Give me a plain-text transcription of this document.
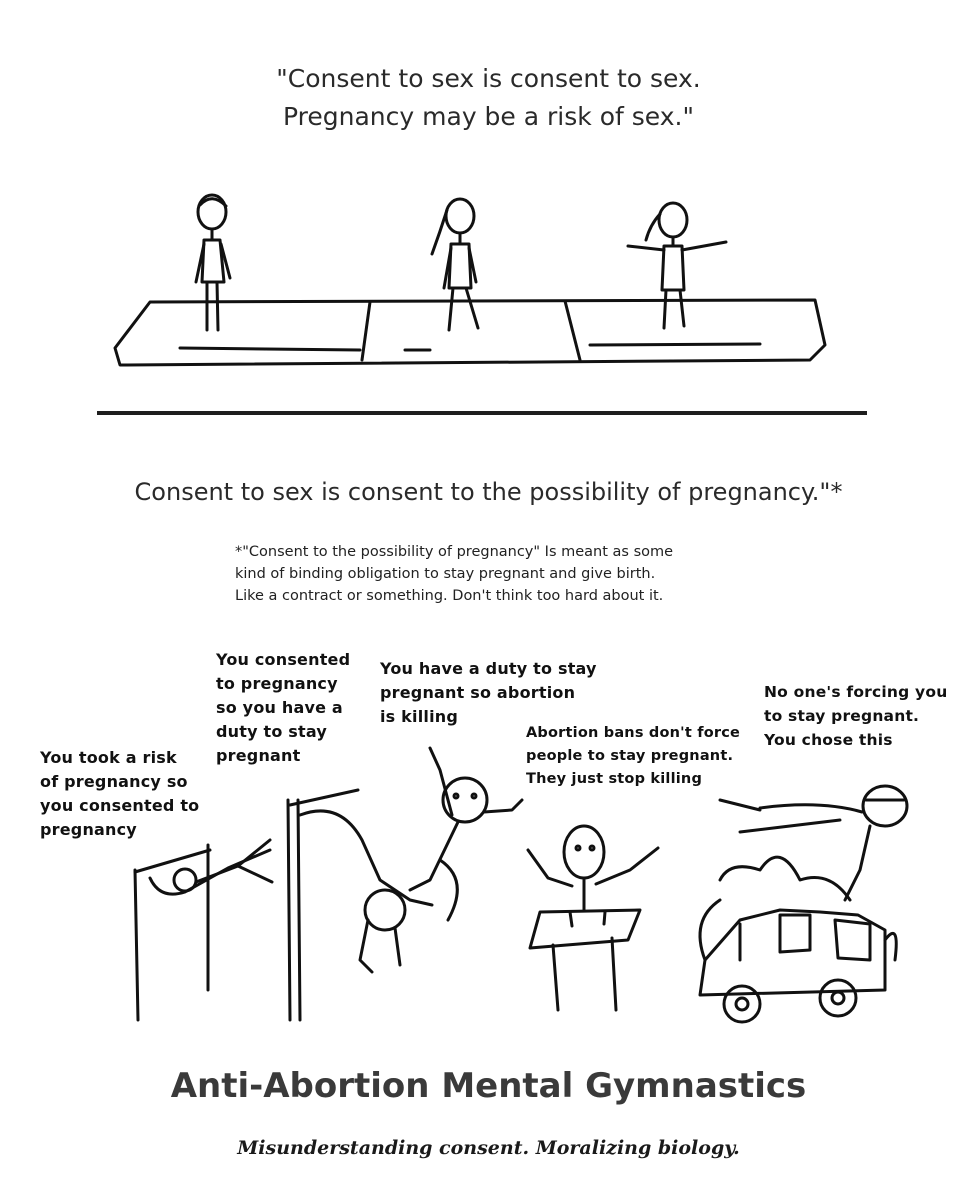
"Consent to sex is consent to sex.
Pregnancy may be a risk of sex."
Consent to sex is consent to the possibility of pregnancy."*
*"Consent to the possibility of pregnancy" Is meant as some
kind of binding obligation to stay pregnant and give birth.
Like a contract or something. Don't think too hard about it.
You took a risk
of pregnancy so
you consented to
pregnancy
You consented
to pregnancy
so you have a
duty to stay
pregnant
You have a duty to stay
pregnant so abortion
is killing
Abortion bans don't force
people to stay pregnant.
They just stop killing
No one's forcing you
to stay pregnant.
You chose this
Anti-Abortion Mental Gymnastics
Misunderstanding consent. Moralizing biology.
